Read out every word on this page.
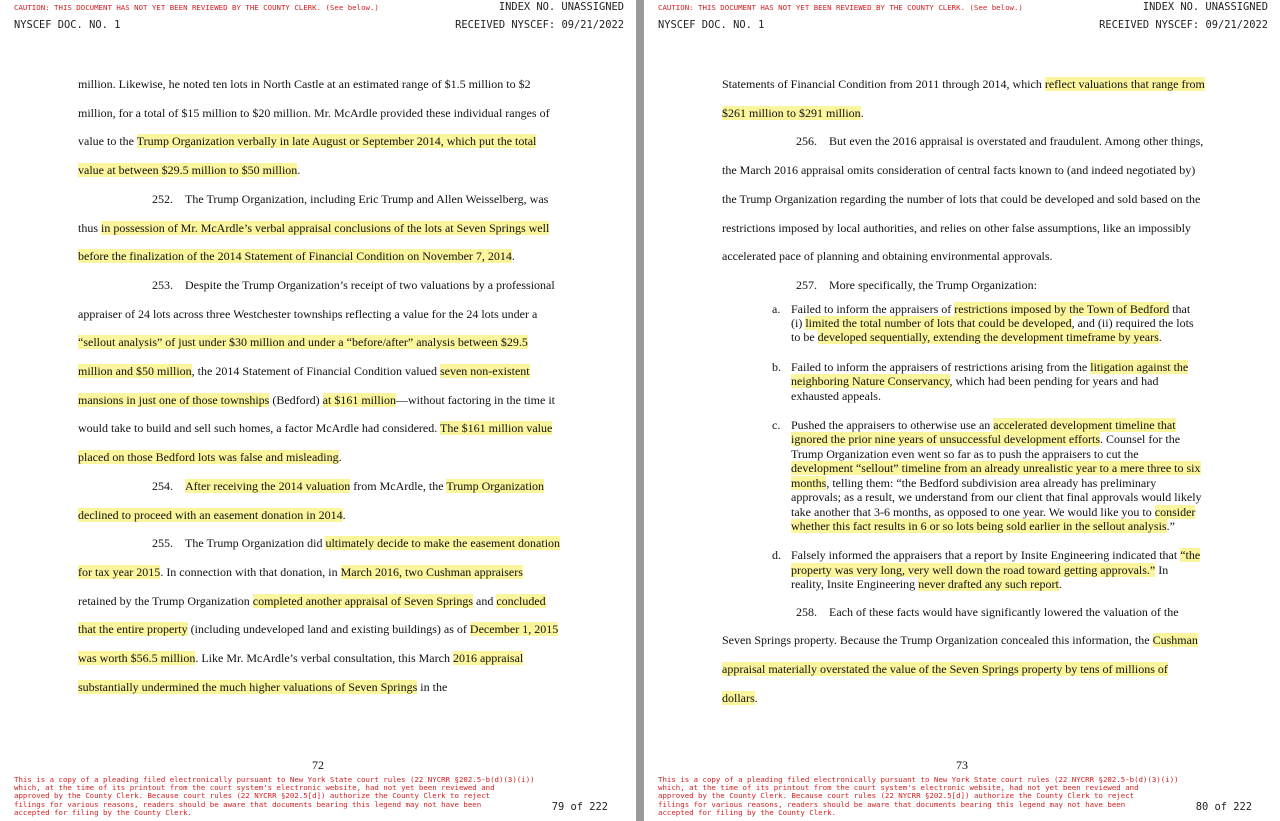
CAUTION: THIS DOCUMENT HAS NOT YET BEEN REVIEWED BY THE COUNTY CLERK. (See below.)	INDEX NO. UNASSIGNED
NYSCEF DOC. NO. 1	RECEIVED NYSCEF: 09/21/2022

million. Likewise, he noted ten lots in North Castle at an estimated range of $1.5 million to $2 million, for a total of $15 million to $20 million. Mr. McArdle provided these individual ranges of value to the Trump Organization verbally in late August or September 2014, which put the total value at between $29.5 million to $50 million.

252.    The Trump Organization, including Eric Trump and Allen Weisselberg, was thus in possession of Mr. McArdle’s verbal appraisal conclusions of the lots at Seven Springs well before the finalization of the 2014 Statement of Financial Condition on November 7, 2014.

253.    Despite the Trump Organization’s receipt of two valuations by a professional appraiser of 24 lots across three Westchester townships reflecting a value for the 24 lots under a “sellout analysis” of just under $30 million and under a “before/after” analysis between $29.5 million and $50 million, the 2014 Statement of Financial Condition valued seven non-existent mansions in just one of those townships (Bedford) at $161 million—without factoring in the time it would take to build and sell such homes, a factor McArdle had considered. The $161 million value placed on those Bedford lots was false and misleading.

254.    After receiving the 2014 valuation from McArdle, the Trump Organization declined to proceed with an easement donation in 2014.

255.    The Trump Organization did ultimately decide to make the easement donation for tax year 2015. In connection with that donation, in March 2016, two Cushman appraisers retained by the Trump Organization completed another appraisal of Seven Springs and concluded that the entire property (including undeveloped land and existing buildings) as of December 1, 2015 was worth $56.5 million. Like Mr. McArdle’s verbal consultation, this March 2016 appraisal substantially undermined the much higher valuations of Seven Springs in the

72
This is a copy of a pleading filed electronically pursuant to New York State court rules (22 NYCRR §202.5-b(d)(3)(i))
which, at the time of its printout from the court system's electronic website, had not yet been reviewed and
approved by the County Clerk. Because court rules (22 NYCRR §202.5[d]) authorize the County Clerk to reject
filings for various reasons, readers should be aware that documents bearing this legend may not have been
accepted for filing by the County Clerk.	79 of 222
CAUTION: THIS DOCUMENT HAS NOT YET BEEN REVIEWED BY THE COUNTY CLERK. (See below.)	INDEX NO. UNASSIGNED
NYSCEF DOC. NO. 1	RECEIVED NYSCEF: 09/21/2022

Statements of Financial Condition from 2011 through 2014, which reflect valuations that range from $261 million to $291 million.

256.    But even the 2016 appraisal is overstated and fraudulent. Among other things, the March 2016 appraisal omits consideration of central facts known to (and indeed negotiated by) the Trump Organization regarding the number of lots that could be developed and sold based on the restrictions imposed by local authorities, and relies on other false assumptions, like an impossibly accelerated pace of planning and obtaining environmental approvals.

257.    More specifically, the Trump Organization:

a. Failed to inform the appraisers of restrictions imposed by the Town of Bedford that (i) limited the total number of lots that could be developed, and (ii) required the lots to be developed sequentially, extending the development timeframe by years.
b. Failed to inform the appraisers of restrictions arising from the litigation against the neighboring Nature Conservancy, which had been pending for years and had exhausted appeals.
c. Pushed the appraisers to otherwise use an accelerated development timeline that ignored the prior nine years of unsuccessful development efforts. Counsel for the Trump Organization even went so far as to push the appraisers to cut the development “sellout” timeline from an already unrealistic year to a mere three to six months, telling them: “the Bedford subdivision area already has preliminary approvals; as a result, we understand from our client that final approvals would likely take another that 3-6 months, as opposed to one year. We would like you to consider whether this fact results in 6 or so lots being sold earlier in the sellout analysis.”
d. Falsely informed the appraisers that a report by Insite Engineering indicated that “the property was very long, very well down the road toward getting approvals.” In reality, Insite Engineering never drafted any such report.

258.    Each of these facts would have significantly lowered the valuation of the Seven Springs property. Because the Trump Organization concealed this information, the Cushman appraisal materially overstated the value of the Seven Springs property by tens of millions of dollars.

73
This is a copy of a pleading filed electronically pursuant to New York State court rules (22 NYCRR §202.5-b(d)(3)(i))
which, at the time of its printout from the court system's electronic website, had not yet been reviewed and
approved by the County Clerk. Because court rules (22 NYCRR §202.5[d]) authorize the County Clerk to reject
filings for various reasons, readers should be aware that documents bearing this legend may not have been
accepted for filing by the County Clerk.	80 of 222
